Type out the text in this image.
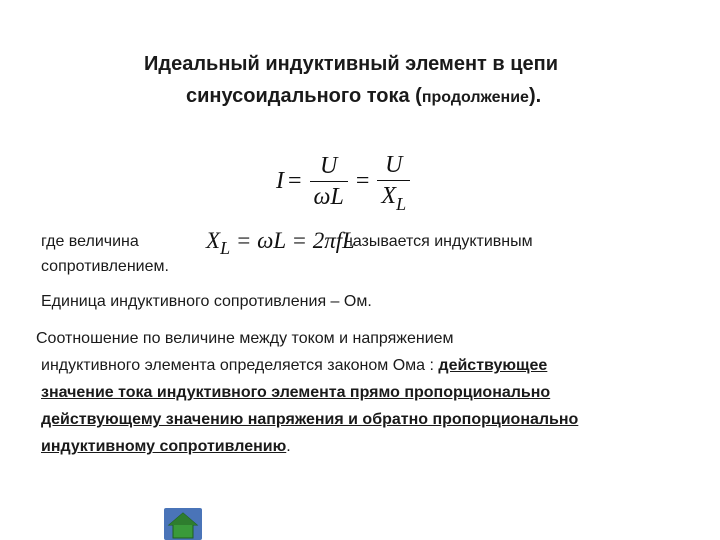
Идеальный индуктивный элемент в цепи
синусоидального тока (продолжение).
$I = \frac{U}{\omega L} = \frac{U}{X_L}$
где величина	$X_L = \omega L = 2\pi fL$
называется индуктивным
сопротивлением.
Единица индуктивного сопротивления – Ом.
Соотношение по величине между током и напряжением
индуктивного элемента определяется законом Ома : действующее
значение тока индуктивного элемента прямо пропорционально
действующему значению напряжения и обратно пропорционально
индуктивному сопротивлению.
